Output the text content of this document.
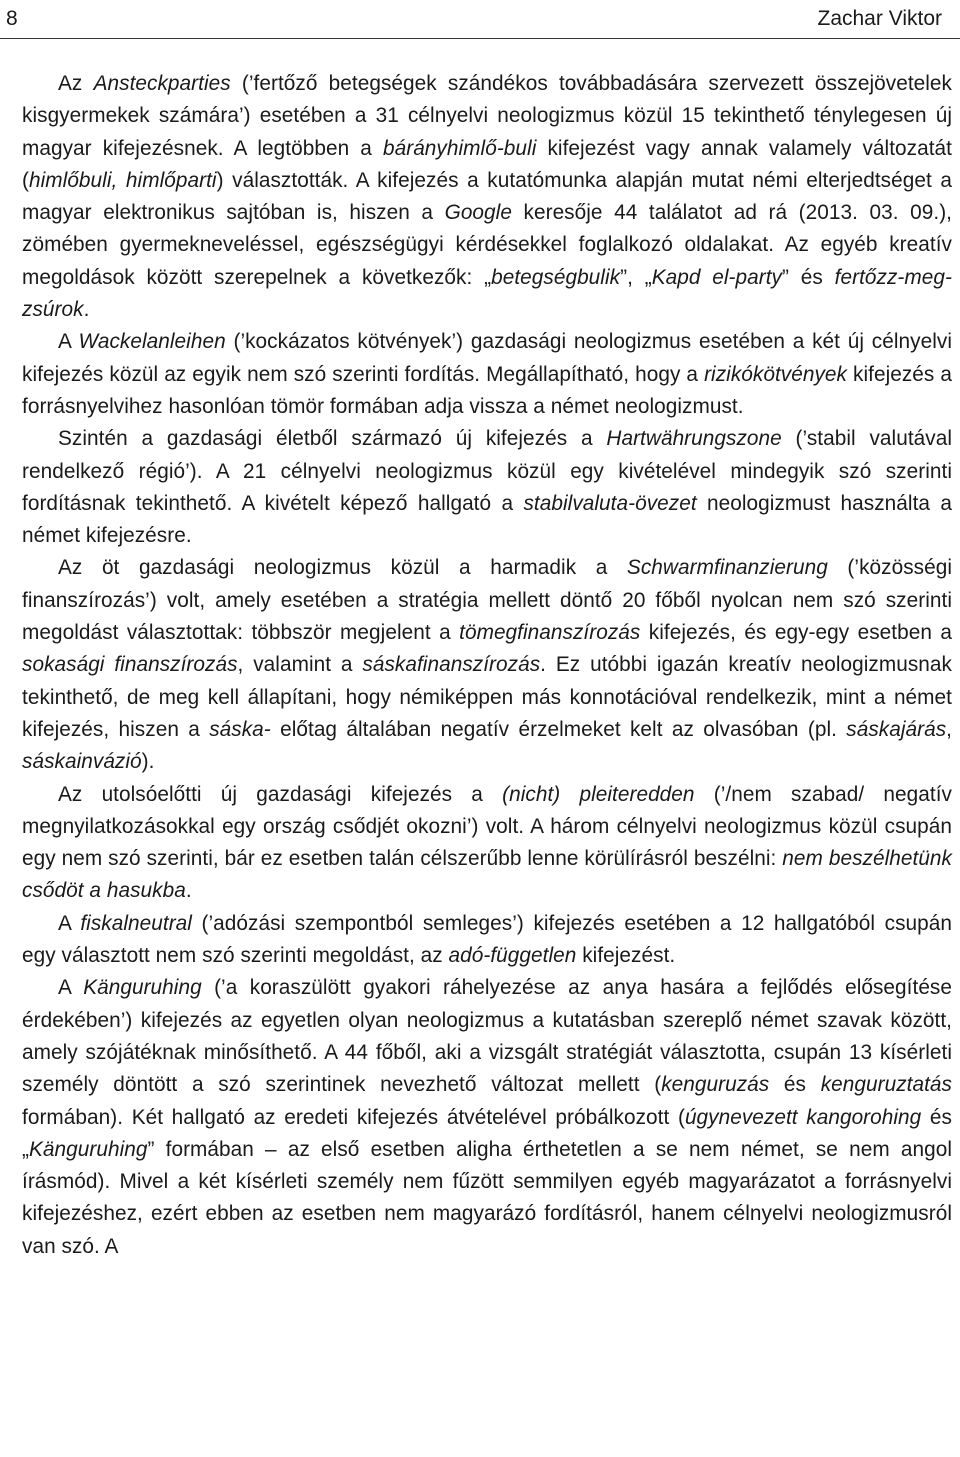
8	Zachar Viktor

Az Ansteckparties (’fertőző betegségek szándékos továbbadására szervezett összejövetelek kisgyermekek számára’) esetében a 31 célnyelvi neologizmus közül 15 tekinthető ténylegesen új magyar kifejezésnek. A legtöbben a bárányhimlő-buli kifejezést vagy annak valamely változatát (himlőbuli, himlőparti) választották. A kifejezés a kutatómunka alapján mutat némi elterjedtséget a magyar elektronikus sajtóban is, hiszen a Google keresője 44 találatot ad rá (2013. 03. 09.), zömében gyermekneveléssel, egészségügyi kérdésekkel foglalkozó oldalakat. Az egyéb kreatív megoldások között szerepelnek a következők: „betegségbulik”, „Kapd el-party” és fertőzz-meg-zsúrok.

A Wackelanleihen (’kockázatos kötvények’) gazdasági neologizmus esetében a két új célnyelvi kifejezés közül az egyik nem szó szerinti fordítás. Megállapítható, hogy a rizikókötvények kifejezés a forrásnyelvihez hasonlóan tömör formában adja vissza a német neologizmust.

Szintén a gazdasági életből származó új kifejezés a Hartwährungszone (’stabil valutával rendelkező régió’). A 21 célnyelvi neologizmus közül egy kivételével mindegyik szó szerinti fordításnak tekinthető. A kivételt képező hallgató a stabilvaluta-övezet neologizmust használta a német kifejezésre.

Az öt gazdasági neologizmus közül a harmadik a Schwarmfinanzierung (’közösségi finanszírozás’) volt, amely esetében a stratégia mellett döntő 20 főből nyolcan nem szó szerinti megoldást választottak: többször megjelent a tömegfinanszírozás kifejezés, és egy-egy esetben a sokasági finanszírozás, valamint a sáskafinanszírozás. Ez utóbbi igazán kreatív neologizmusnak tekinthető, de meg kell állapítani, hogy némiképpen más konnotációval rendelkezik, mint a német kifejezés, hiszen a sáska- előtag általában negatív érzelmeket kelt az olvasóban (pl. sáskajárás, sáskainvázió).

Az utolsóelőtti új gazdasági kifejezés a (nicht) pleiteredden (’/nem szabad/ negatív megnyilatkozásokkal egy ország csődjét okozni’) volt. A három célnyelvi neologizmus közül csupán egy nem szó szerinti, bár ez esetben talán célszerűbb lenne körülírásról beszélni: nem beszélhetünk csődöt a hasukba.

A fiskalneutral (’adózási szempontból semleges’) kifejezés esetében a 12 hallgatóból csupán egy választott nem szó szerinti megoldást, az adó-független kifejezést.

A Känguruhing (’a koraszülött gyakori ráhelyezése az anya hasára a fejlődés elősegítése érdekében’) kifejezés az egyetlen olyan neologizmus a kutatásban szereplő német szavak között, amely szójátéknak minősíthető. A 44 főből, aki a vizsgált stratégiát választotta, csupán 13 kísérleti személy döntött a szó szerintinek nevezhető változat mellett (kenguruzás és kenguruztatás formában). Két hallgató az eredeti kifejezés átvételével próbálkozott (úgynevezett kangorohing és „Känguruhing” formában – az első esetben aligha érthetetlen a se nem német, se nem angol írásmód). Mivel a két kísérleti személy nem fűzött semmilyen egyéb magyarázatot a forrásnyelvi kifejezéshez, ezért ebben az esetben nem magyarázó fordításról, hanem célnyelvi neologizmusról van szó. A
